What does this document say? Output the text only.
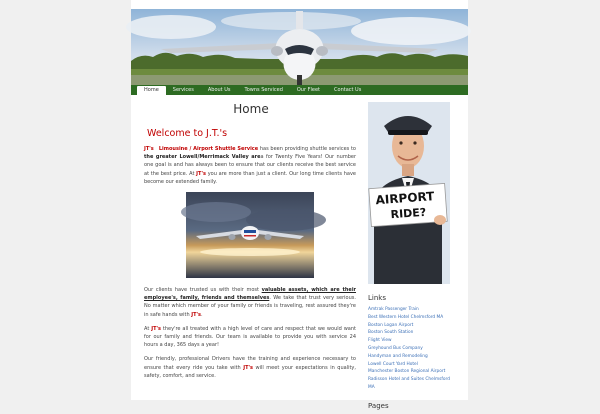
Home	Services	About Us	Towns Serviced	Our Fleet	Contact Us
Home
Welcome to J.T.'s
JT's Limousine / Airport Shuttle Service has been providing shuttle services to the greater Lowell/Merrimack Valley area for Twenty Five Years! Our number one goal is and has always been to ensure that our clients receive the best service at the best price. At JT's you are more than just a client. Our long time clients have become our extended family.
Our clients have trusted us with their most valuable assets, which are their employee's, family, friends and themselves. We take that trust very serious. No matter which member of your family or friends is traveling, rest assured they're in safe hands with JT's.
At JT's they're all treated with a high level of care and respect that we would want for our family and friends. Our team is available to provide you with service 24 hours a day, 365 days a year!
Our friendly, professional Drivers have the training and experience necessary to ensure that every ride you take with JT's will meet your expectations in quality, safety, comfort, and service.
AIRPORT
RIDE?
Links
Amtrak Passenger Train
Best Western Hotel Chelmsford MA
Boston Logan Airport
Boston South Station
Flight View
Greyhound Bus Company
Handyman and Remodeling
Lowell Court Yard Hotel
Manchester Boston Regional Airport
Radisson Hotel and Suites Chelmsford
MA
Pages
